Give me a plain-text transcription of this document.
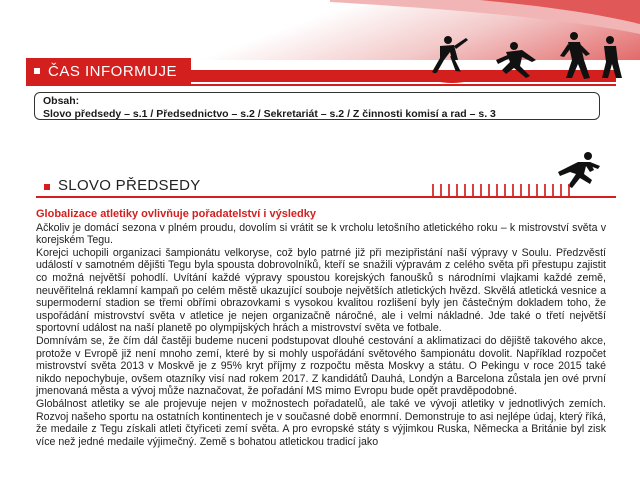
ČAS INFORMUJE
Obsah:
Slovo předsedy – s.1 / Předsednictvo – s.2 / Sekretariát – s.2 / Z činnosti komisí a rad – s. 3
SLOVO PŘEDSEDY
Globalizace atletiky ovlivňuje pořadatelství i výsledky

Ačkoliv je domácí sezona v plném proudu, dovolím si vrátit se k vrcholu letošního atletického roku – k mistrovství světa v korejském Tegu.

Korejci uchopili organizaci šampionátu velkoryse, což bylo patrné již při mezipřistání naší výpravy v Soulu. Předzvěstí událostí v samotném dějišti Tegu byla spousta dobrovolníků, kteří se snažili výpravám z celého světa při přestupu zajistit co možná největší pohodlí. Uvítání každé výpravy spoustou korejských fanoušků s národními vlajkami každé země, neuvěřitelná reklamní kampaň po celém městě ukazující souboje největších atletických hvězd. Skvělá atletická vesnice a supermoderní stadion se třemi obřími obrazovkami s vysokou kvalitou rozlišení byly jen částečným dokladem toho, že uspořádání mistrovství světa v atletice je nejen organizačně náročné, ale i velmi nákladné. Jde také o třetí největší sportovní událost na naší planetě po olympijských hrách a mistrovství světa ve fotbale.

Domnívám se, že čím dál častěji budeme nuceni podstupovat dlouhé cestování a aklimatizaci do dějiště takového akce, protože v Evropě již není mnoho zemí, které by si mohly uspořádání světového šampionátu dovolit. Například rozpočet mistrovství světa 2013 v Moskvě je z 95% kryt příjmy z rozpočtu města Moskvy a státu. O Pekingu v roce 2015 také nikdo nepochybuje, ovšem otazníky visí nad rokem 2017. Z kandidátů Dauhá, Londýn a Barcelona zůstala jen ové první jmenovaná města a vývoj může naznačovat, že pořadání MS mimo Evropu bude opět pravděpodobné.

Globálnost atletiky se ale projevuje nejen v možnostech pořadatelů, ale také ve vývoji atletiky v jednotlivých zemích. Rozvoj našeho sportu na ostatních kontinentech je v současné době enormní. Demonstruje to asi nejlépe údaj, který říká, že medaile z Tegu získali atleti čtyřiceti zemí světa. A pro evropské státy s výjimkou Ruska, Německa a Británie byl zisk více než jedné medaile výjimečný. Země s bohatou atletickou tradicí jako
